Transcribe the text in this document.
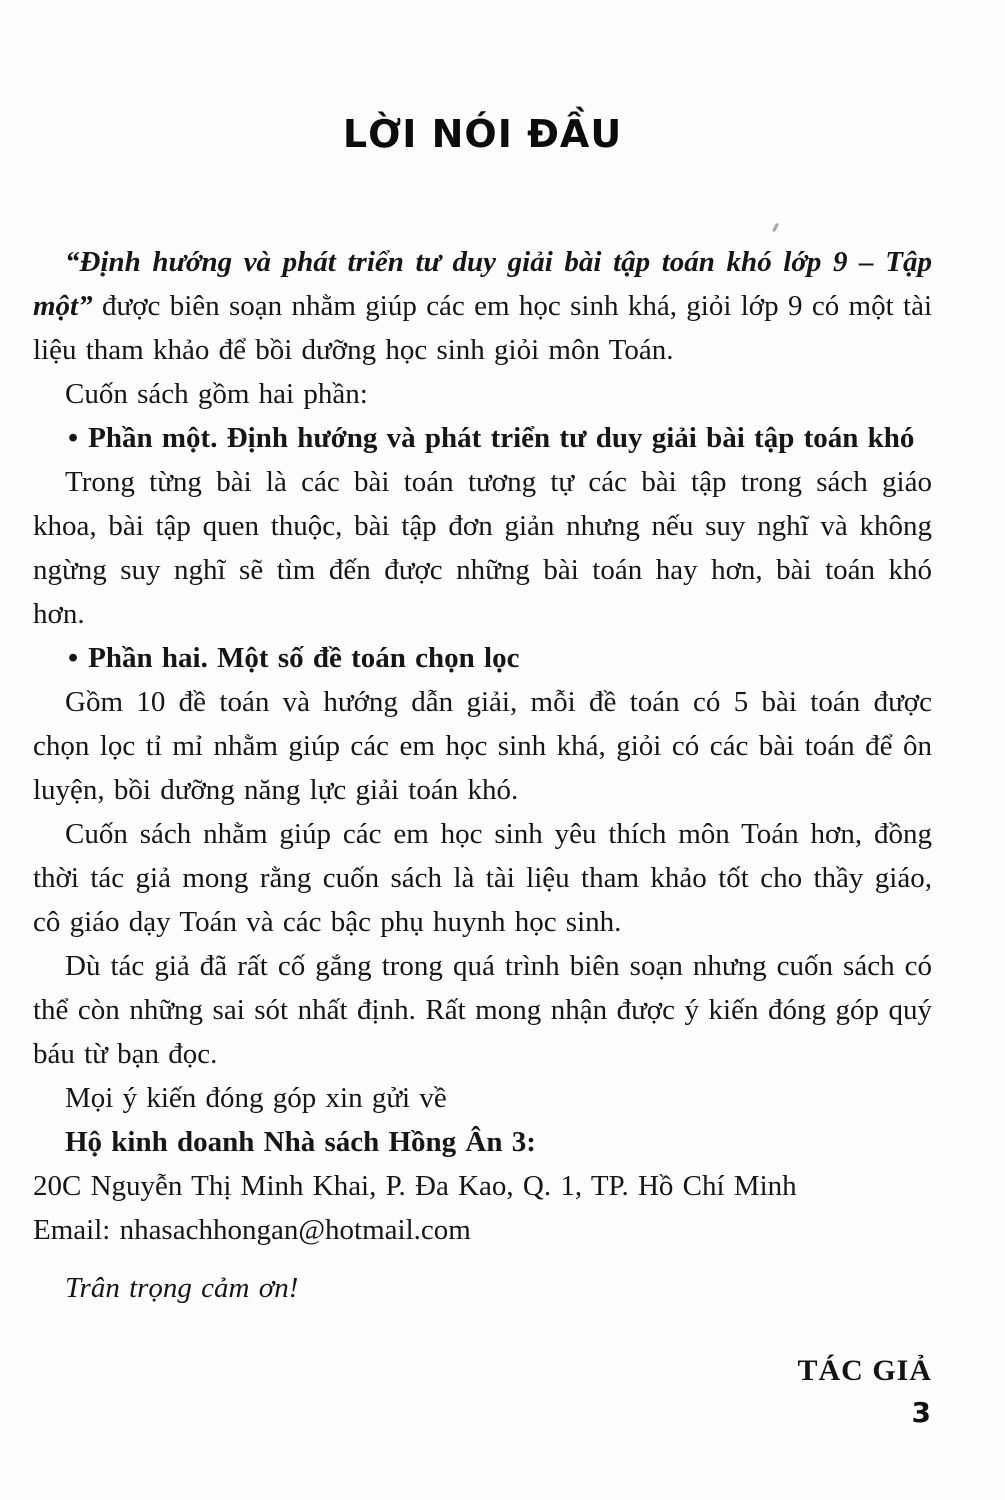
LỜI NÓI ĐẦU

“Định hướng và phát triển tư duy giải bài tập toán khó lớp 9 – Tập một” được biên soạn nhằm giúp các em học sinh khá, giỏi lớp 9 có một tài liệu tham khảo để bồi dưỡng học sinh giỏi môn Toán.

Cuốn sách gồm hai phần:

• Phần một. Định hướng và phát triển tư duy giải bài tập toán khó

Trong từng bài là các bài toán tương tự các bài tập trong sách giáo khoa, bài tập quen thuộc, bài tập đơn giản nhưng nếu suy nghĩ và không ngừng suy nghĩ sẽ tìm đến được những bài toán hay hơn, bài toán khó hơn.

• Phần hai. Một số đề toán chọn lọc

Gồm 10 đề toán và hướng dẫn giải, mỗi đề toán có 5 bài toán được chọn lọc tỉ mỉ nhằm giúp các em học sinh khá, giỏi có các bài toán để ôn luyện, bồi dưỡng năng lực giải toán khó.

Cuốn sách nhằm giúp các em học sinh yêu thích môn Toán hơn, đồng thời tác giả mong rằng cuốn sách là tài liệu tham khảo tốt cho thầy giáo, cô giáo dạy Toán và các bậc phụ huynh học sinh.

Dù tác giả đã rất cố gắng trong quá trình biên soạn nhưng cuốn sách có thể còn những sai sót nhất định. Rất mong nhận được ý kiến đóng góp quý báu từ bạn đọc.

Mọi ý kiến đóng góp xin gửi về

Hộ kinh doanh Nhà sách Hồng Ân 3:

20C Nguyễn Thị Minh Khai, P. Đa Kao, Q. 1, TP. Hồ Chí Minh

Email: nhasachhongan@hotmail.com

Trân trọng cảm ơn!

TÁC GIẢ

3
